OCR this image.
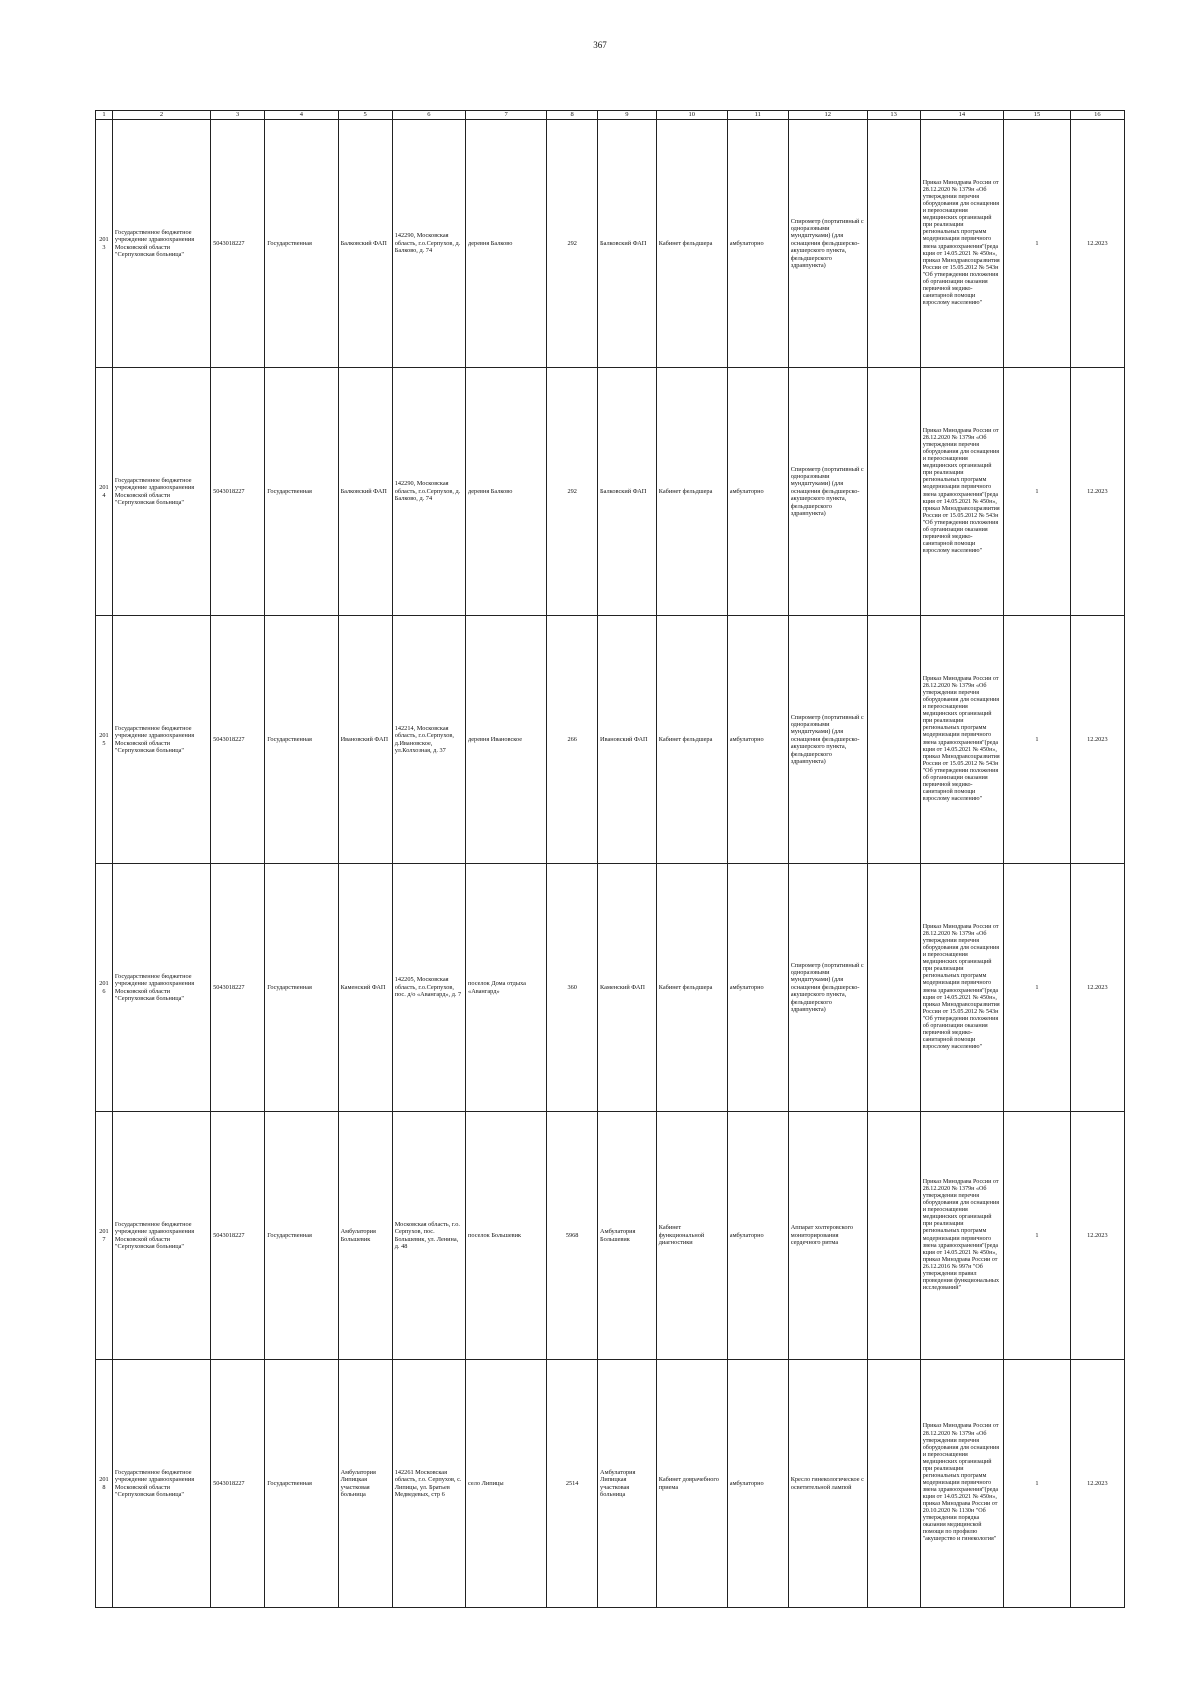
367
1	2	3	4	5	6	7	8	9	10	11	12	13	14	15	16
2013	Государственное бюджетное учреждение здравоохранения Московской области "Серпуховская больница"	5043018227	Государственная	Балковский ФАП	142290, Московская область, г.о.Серпухов, д. Балково, д. 74	деревня Балково	292	Балковский ФАП	Кабинет фельдшера	амбулаторно	Спирометр (портативный с одноразовыми мундштуками) (для оснащения фельдшерско-акушерского пункта, фельдшерского здравпункта)		Приказ Минздрава России от 28.12.2020 № 1379н «Об утверждении перечня оборудования для оснащения и переоснащения медицинских организаций при реализации региональных программ модернизации первичного звена здравоохранения"(реда кция от 14.05.2021 № 450н», приказ Минздравсоцразвития России от 15.05.2012 № 543н "Об утверждении положения об организации оказания первичной медико-санитарной помощи взрослому населению"	1	12.2023
2014	Государственное бюджетное учреждение здравоохранения Московской области "Серпуховская больница"	5043018227	Государственная	Балковский ФАП	142290, Московская область, г.о.Серпухов, д. Балково, д. 74	деревня Балково	292	Балковский ФАП	Кабинет фельдшера	амбулаторно	Спирометр (портативный с одноразовыми мундштуками) (для оснащения фельдшерско-акушерского пункта, фельдшерского здравпункта)		Приказ Минздрава России от 28.12.2020 № 1379н «Об утверждении перечня оборудования для оснащения и переоснащения медицинских организаций при реализации региональных программ модернизации первичного звена здравоохранения"(реда кция от 14.05.2021 № 450н», приказ Минздравсоцразвития России от 15.05.2012 № 543н "Об утверждении положения об организации оказания первичной медико-санитарной помощи взрослому населению"	1	12.2023
2015	Государственное бюджетное учреждение здравоохранения Московской области "Серпуховская больница"	5043018227	Государственная	Ивановский ФАП	142214, Московская область, г.о.Серпухов, д.Ивановское, ул.Колхозная, д. 37	деревня Ивановское	266	Ивановский ФАП	Кабинет фельдшера	амбулаторно	Спирометр (портативный с одноразовыми мундштуками) (для оснащения фельдшерско-акушерского пункта, фельдшерского здравпункта)		Приказ Минздрава России от 28.12.2020 № 1379н «Об утверждении перечня оборудования для оснащения и переоснащения медицинских организаций при реализации региональных программ модернизации первичного звена здравоохранения"(реда кция от 14.05.2021 № 450н», приказ Минздравсоцразвития России от 15.05.2012 № 543н "Об утверждении положения об организации оказания первичной медико-санитарной помощи взрослому населению"	1	12.2023
2016	Государственное бюджетное учреждение здравоохранения Московской области "Серпуховская больница"	5043018227	Государственная	Каменский ФАП	142205, Московская область, г.о.Серпухов, пос. д/о «Авангард», д. 7	поселок Дома отдыха «Авангард»	360	Каменский ФАП	Кабинет фельдшера	амбулаторно	Спирометр (портативный с одноразовыми мундштуками) (для оснащения фельдшерско-акушерского пункта, фельдшерского здравпункта)		Приказ Минздрава России от 28.12.2020 № 1379н «Об утверждении перечня оборудования для оснащения и переоснащения медицинских организаций при реализации региональных программ модернизации первичного звена здравоохранения"(реда кция от 14.05.2021 № 450н», приказ Минздравсоцразвития России от 15.05.2012 № 543н "Об утверждении положения об организации оказания первичной медико-санитарной помощи взрослому населению"	1	12.2023
2017	Государственное бюджетное учреждение здравоохранения Московской области "Серпуховская больница"	5043018227	Государственная	Амбулатория Большевик	Московская область, г.о. Серпухов, пос. Большевик, ул. Ленина, д. 48	поселок Большевик	5968	Амбулатория Большевик	Кабинет функциональной диагностики	амбулаторно	Аппарат холтеровского мониторирования сердечного ритма		Приказ Минздрава России от 28.12.2020 № 1379н «Об утверждении перечня оборудования для оснащения и переоснащения медицинских организаций при реализации региональных программ модернизации первичного звена здравоохранения"(реда кция от 14.05.2021 № 450н», приказ Минздрава России от 26.12.2016 № 997н "Об утверждении правил проведения функциональных исследований"	1	12.2023
2018	Государственное бюджетное учреждение здравоохранения Московской области "Серпуховская больница"	5043018227	Государственная	Амбулатория Липицкая участковая больница	142261 Московская область, г.о. Серпухов, с. Липицы, ул. Братьев Медведевых, стр 6	село Липицы	2514	Амбулатория Липицкая участковая больница	Кабинет доврачебного приема	амбулаторно	Кресло гинекологическое с осветительной лампой		Приказ Минздрава России от 28.12.2020 № 1379н «Об утверждении перечня оборудования для оснащения и переоснащения медицинских организаций при реализации региональных программ модернизации первичного звена здравоохранения"(реда кция от 14.05.2021 № 450н», приказ Минздрава России от 20.10.2020 № 1130н "Об утверждении порядка оказания медицинской помощи по профилю "акушерство и гинекология"	1	12.2023
